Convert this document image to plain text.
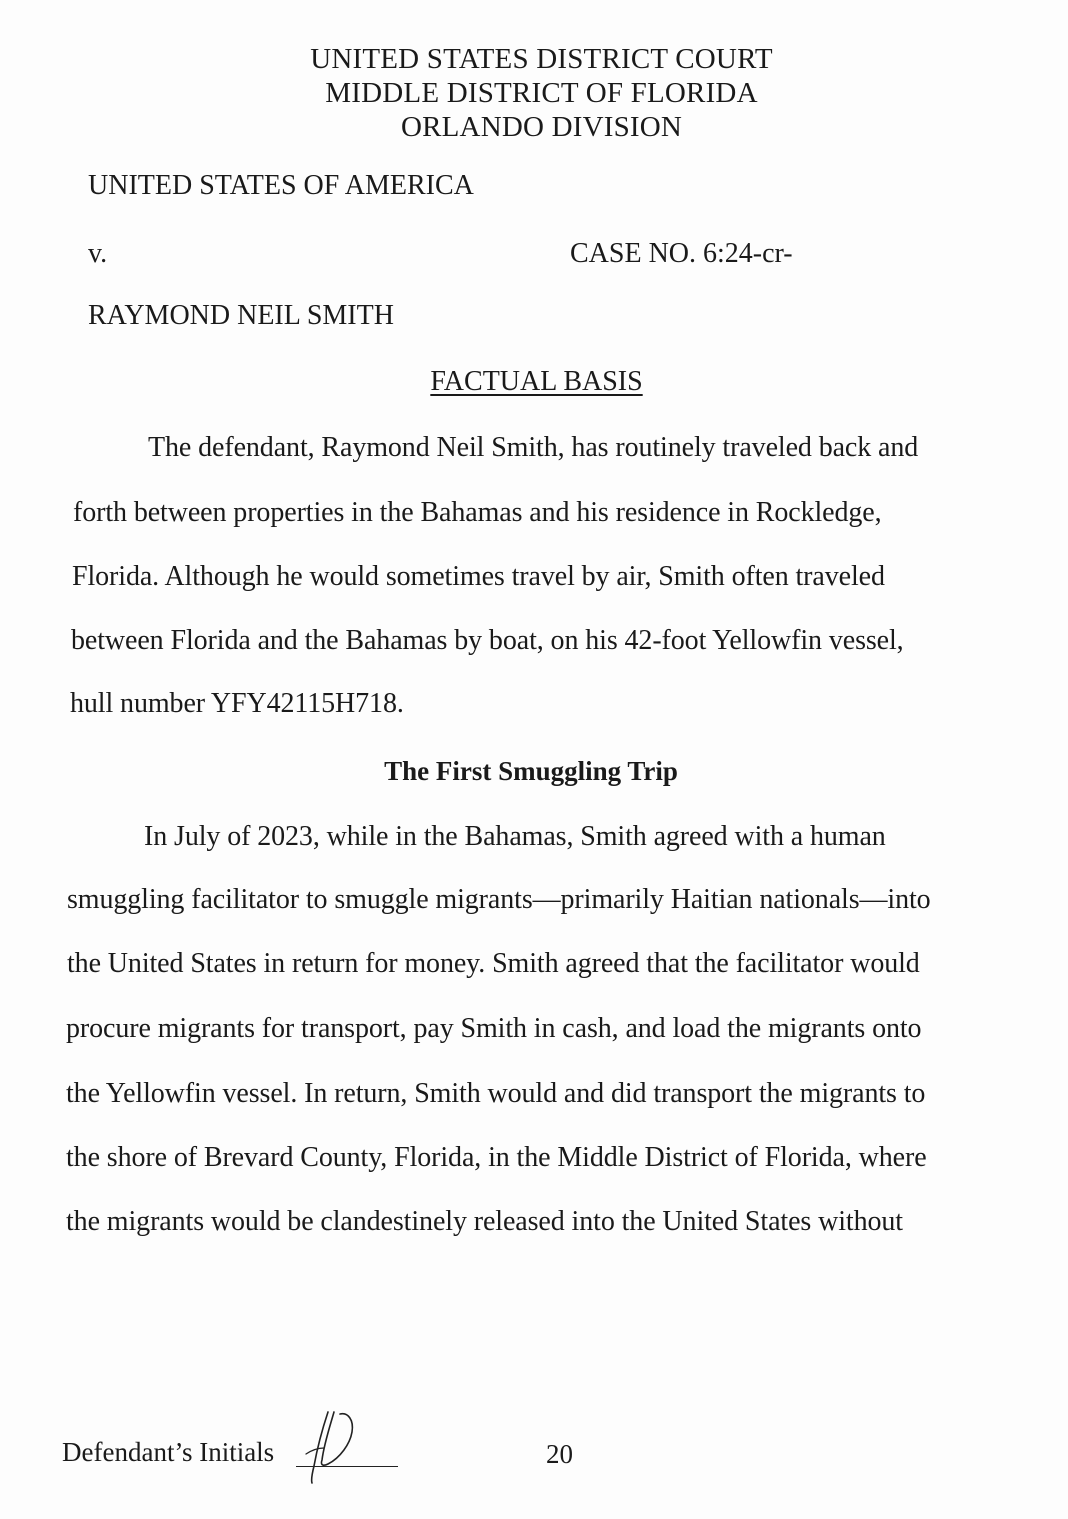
UNITED STATES DISTRICT COURT
MIDDLE DISTRICT OF FLORIDA
ORLANDO DIVISION
UNITED STATES OF AMERICA
v.	CASE NO. 6:24-cr-
RAYMOND NEIL SMITH
FACTUAL BASIS
The defendant, Raymond Neil Smith, has routinely traveled back and
forth between properties in the Bahamas and his residence in Rockledge,
Florida. Although he would sometimes travel by air, Smith often traveled
between Florida and the Bahamas by boat, on his 42-foot Yellowfin vessel,
hull number YFY42115H718.
The First Smuggling Trip
In July of 2023, while in the Bahamas, Smith agreed with a human
smuggling facilitator to smuggle migrants—primarily Haitian nationals—into
the United States in return for money. Smith agreed that the facilitator would
procure migrants for transport, pay Smith in cash, and load the migrants onto
the Yellowfin vessel. In return, Smith would and did transport the migrants to
the shore of Brevard County, Florida, in the Middle District of Florida, where
the migrants would be clandestinely released into the United States without
Defendant’s Initials	20
